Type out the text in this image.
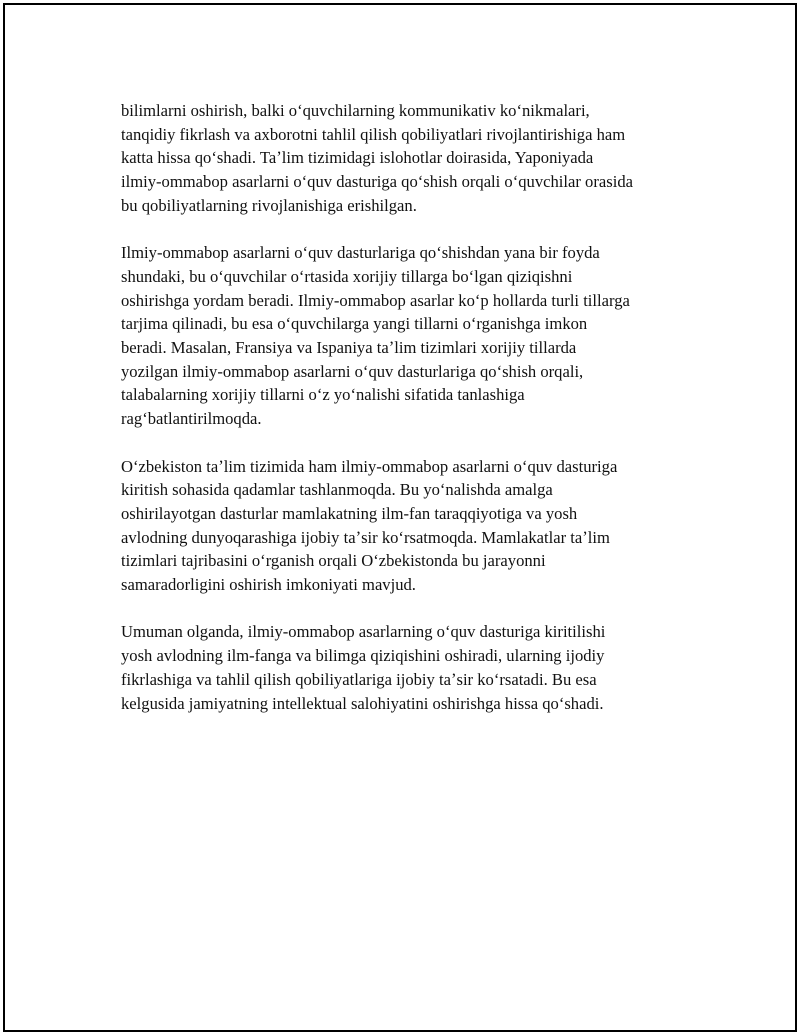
bilimlarni oshirish, balki oʻquvchilarning kommunikativ koʻnikmalari,
tanqidiy fikrlash va axborotni tahlil qilish qobiliyatlari rivojlantirishiga ham
katta hissa qoʻshadi. Taʼlim tizimidagi islohotlar doirasida, Yaponiyada
ilmiy-ommabop asarlarni oʻquv dasturiga qoʻshish orqali oʻquvchilar orasida
bu qobiliyatlarning rivojlanishiga erishilgan.

Ilmiy-ommabop asarlarni oʻquv dasturlariga qoʻshishdan yana bir foyda
shundaki, bu oʻquvchilar oʻrtasida xorijiy tillarga boʻlgan qiziqishni
oshirishga yordam beradi. Ilmiy-ommabop asarlar koʻp hollarda turli tillarga
tarjima qilinadi, bu esa oʻquvchilarga yangi tillarni oʻrganishga imkon
beradi. Masalan, Fransiya va Ispaniya taʼlim tizimlari xorijiy tillarda
yozilgan ilmiy-ommabop asarlarni oʻquv dasturlariga qoʻshish orqali,
talabalarning xorijiy tillarni oʻz yoʻnalishi sifatida tanlashiga
ragʻbatlantirilmoqda.

Oʻzbekiston taʼlim tizimida ham ilmiy-ommabop asarlarni oʻquv dasturiga
kiritish sohasida qadamlar tashlanmoqda. Bu yoʻnalishda amalga
oshirilayotgan dasturlar mamlakatning ilm-fan taraqqiyotiga va yosh
avlodning dunyoqarashiga ijobiy taʼsir koʻrsatmoqda. Mamlakatlar taʼlim
tizimlari tajribasini oʻrganish orqali Oʻzbekistonda bu jarayonni
samaradorligini oshirish imkoniyati mavjud.

Umuman olganda, ilmiy-ommabop asarlarning oʻquv dasturiga kiritilishi
yosh avlodning ilm-fanga va bilimga qiziqishini oshiradi, ularning ijodiy
fikrlashiga va tahlil qilish qobiliyatlariga ijobiy taʼsir koʻrsatadi. Bu esa
kelgusida jamiyatning intellektual salohiyatini oshirishga hissa qoʻshadi.
